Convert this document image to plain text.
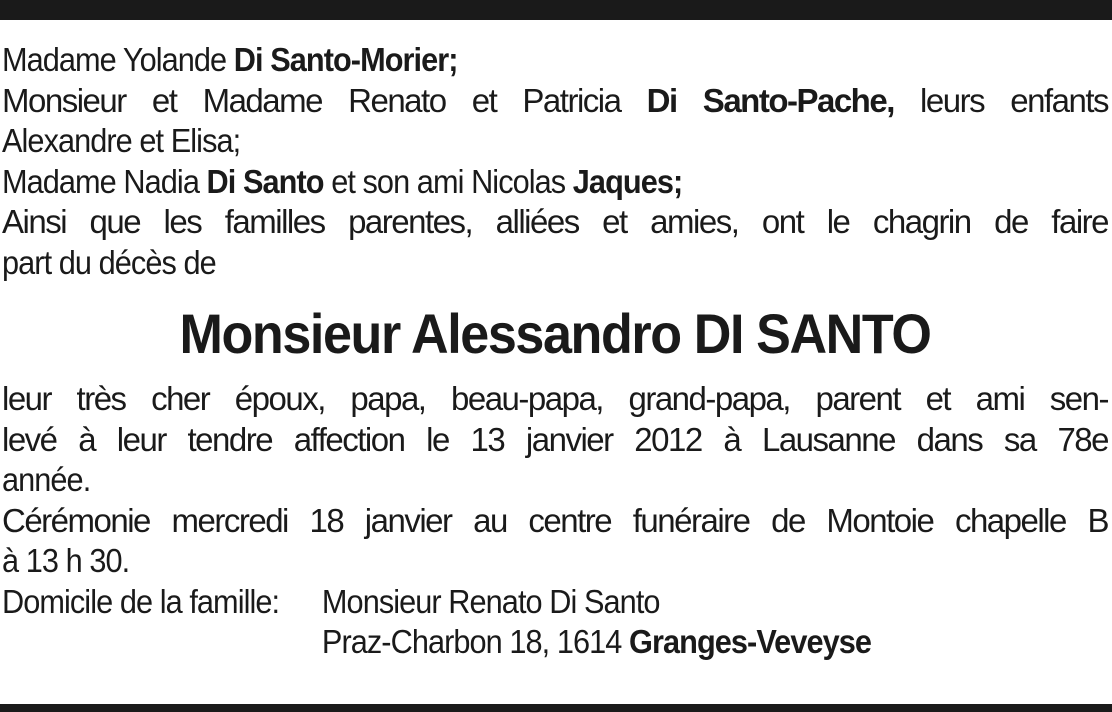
Madame Yolande Di Santo-Morier;
Monsieur et Madame Renato et Patricia Di Santo-Pache, leurs enfants
Alexandre et Elisa;
Madame Nadia Di Santo et son ami Nicolas Jaques;
Ainsi que les familles parentes, alliées et amies, ont le chagrin de faire
part du décès de
Monsieur Alessandro DI SANTO
leur très cher époux, papa, beau-papa, grand-papa, parent et ami sen-
levé à leur tendre affection le 13 janvier 2012 à Lausanne dans sa 78e
année.
Cérémonie mercredi 18 janvier au centre funéraire de Montoie chapelle B
à 13 h 30.
Domicile de la famille:	Monsieur Renato Di Santo
Praz-Charbon 18, 1614 Granges-Veveyse
